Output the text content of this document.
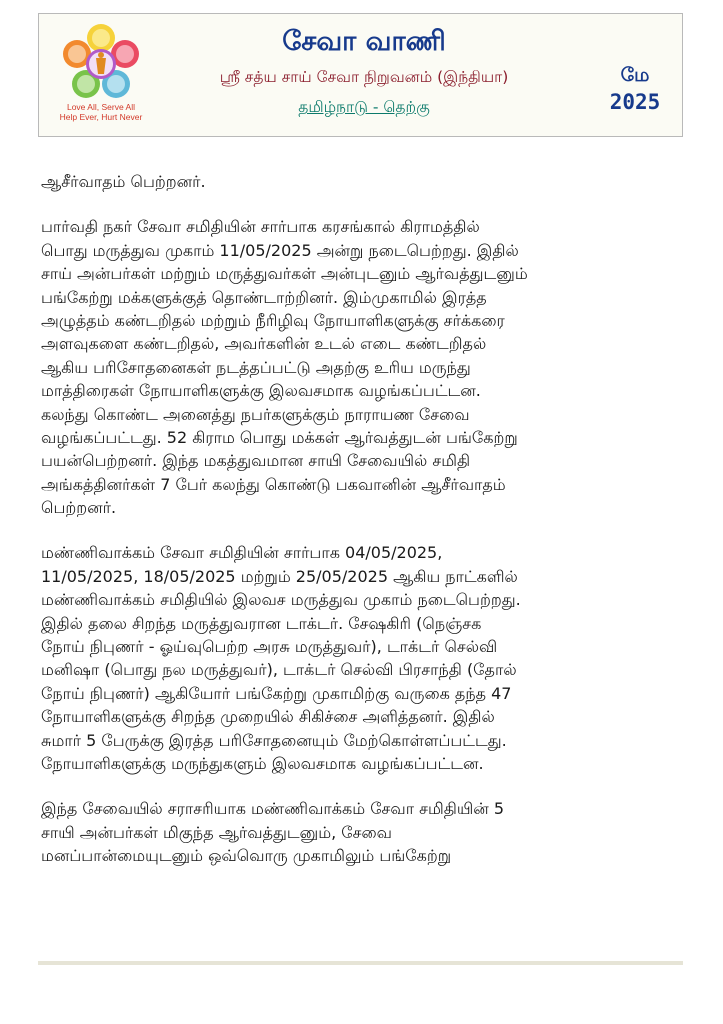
Love All, Serve All
Help Ever, Hurt Never
சேவா வாணி
ஸ்ரீ சத்ய சாய் சேவா நிறுவனம் (இந்தியா)
தமிழ்நாடு - தெற்கு
மே
2025
ஆசீர்வாதம் பெற்றனர்.
பார்வதி நகர் சேவா சமிதியின் சார்பாக கரசங்கால் கிராமத்தில்
பொது மருத்துவ முகாம் 11/05/2025 அன்று நடைபெற்றது. இதில்
சாய் அன்பர்கள் மற்றும் மருத்துவர்கள் அன்புடனும் ஆர்வத்துடனும்
பங்கேற்று மக்களுக்குத் தொண்டாற்றினர். இம்முகாமில் இரத்த
அழுத்தம் கண்டறிதல் மற்றும் நீரிழிவு நோயாளிகளுக்கு சர்க்கரை
அளவுகளை கண்டறிதல், அவர்களின் உடல் எடை கண்டறிதல்
ஆகிய பரிசோதனைகள் நடத்தப்பட்டு அதற்கு உரிய மருந்து
மாத்திரைகள் நோயாளிகளுக்கு இலவசமாக வழங்கப்பட்டன.
கலந்து கொண்ட அனைத்து நபர்களுக்கும் நாராயண சேவை
வழங்கப்பட்டது. 52 கிராம பொது மக்கள் ஆர்வத்துடன் பங்கேற்று
பயன்பெற்றனர். இந்த மகத்துவமான சாயி சேவையில் சமிதி
அங்கத்தினர்கள் 7 பேர் கலந்து கொண்டு பகவானின் ஆசீர்வாதம்
பெற்றனர்.
மண்ணிவாக்கம் சேவா சமிதியின் சார்பாக 04/05/2025,
11/05/2025, 18/05/2025 மற்றும் 25/05/2025 ஆகிய நாட்களில்
மண்ணிவாக்கம் சமிதியில் இலவச மருத்துவ முகாம் நடைபெற்றது.
இதில் தலை சிறந்த மருத்துவரான டாக்டர். சேஷகிரி (நெஞ்சக
நோய் நிபுணர் - ஓய்வுபெற்ற அரசு மருத்துவர்), டாக்டர் செல்வி
மனிஷா (பொது நல மருத்துவர்), டாக்டர் செல்வி பிரசாந்தி (தோல்
நோய் நிபுணர்) ஆகியோர் பங்கேற்று முகாமிற்கு வருகை தந்த 47
நோயாளிகளுக்கு சிறந்த முறையில் சிகிச்சை அளித்தனர். இதில்
சுமார் 5 பேருக்கு இரத்த பரிசோதனையும் மேற்கொள்ளப்பட்டது.
நோயாளிகளுக்கு மருந்துகளும் இலவசமாக வழங்கப்பட்டன.
இந்த சேவையில் சராசரியாக மண்ணிவாக்கம் சேவா சமிதியின் 5
சாயி அன்பர்கள் மிகுந்த ஆர்வத்துடனும், சேவை
மனப்பான்மையுடனும் ஒவ்வொரு முகாமிலும் பங்கேற்று
